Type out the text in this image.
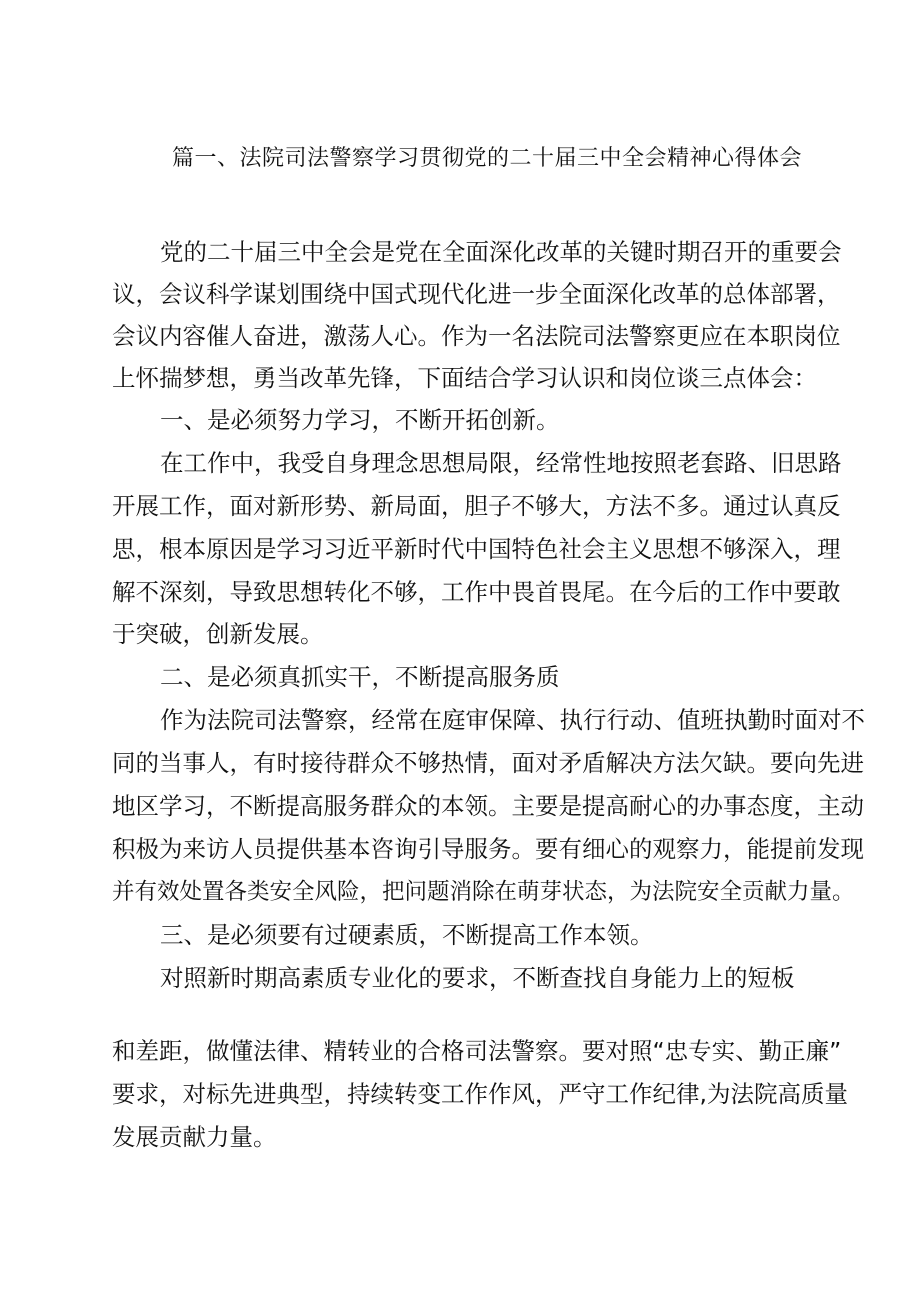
篇一、法院司法警察学习贯彻党的二十届三中全会精神心得体会
党的二十届三中全会是党在全面深化改革的关键时期召开的重要会
议，会议科学谋划围绕中国式现代化进一步全面深化改革的总体部署，
会议内容催人奋进，激荡人心。作为一名法院司法警察更应在本职岗位
上怀揣梦想，勇当改革先锋，下面结合学习认识和岗位谈三点体会：
一、是必须努力学习，不断开拓创新。
在工作中，我受自身理念思想局限，经常性地按照老套路、旧思路
开展工作，面对新形势、新局面，胆子不够大，方法不多。通过认真反
思，根本原因是学习习近平新时代中国特色社会主义思想不够深入，理
解不深刻，导致思想转化不够，工作中畏首畏尾。在今后的工作中要敢
于突破，创新发展。
二、是必须真抓实干，不断提高服务质
作为法院司法警察，经常在庭审保障、执行行动、值班执勤时面对不
同的当事人，有时接待群众不够热情，面对矛盾解决方法欠缺。要向先进
地区学习，不断提高服务群众的本领。主要是提高耐心的办事态度，主动
积极为来访人员提供基本咨询引导服务。要有细心的观察力，能提前发现
并有效处置各类安全风险，把问题消除在萌芽状态，为法院安全贡献力量。
三、是必须要有过硬素质，不断提高工作本领。
对照新时期高素质专业化的要求，不断查找自身能力上的短板
和差距，做懂法律、精转业的合格司法警察。要对照“忠专实、勤正廉”
要求，对标先进典型，持续转变工作作风，严守工作纪律,为法院高质量
发展贡献力量。
